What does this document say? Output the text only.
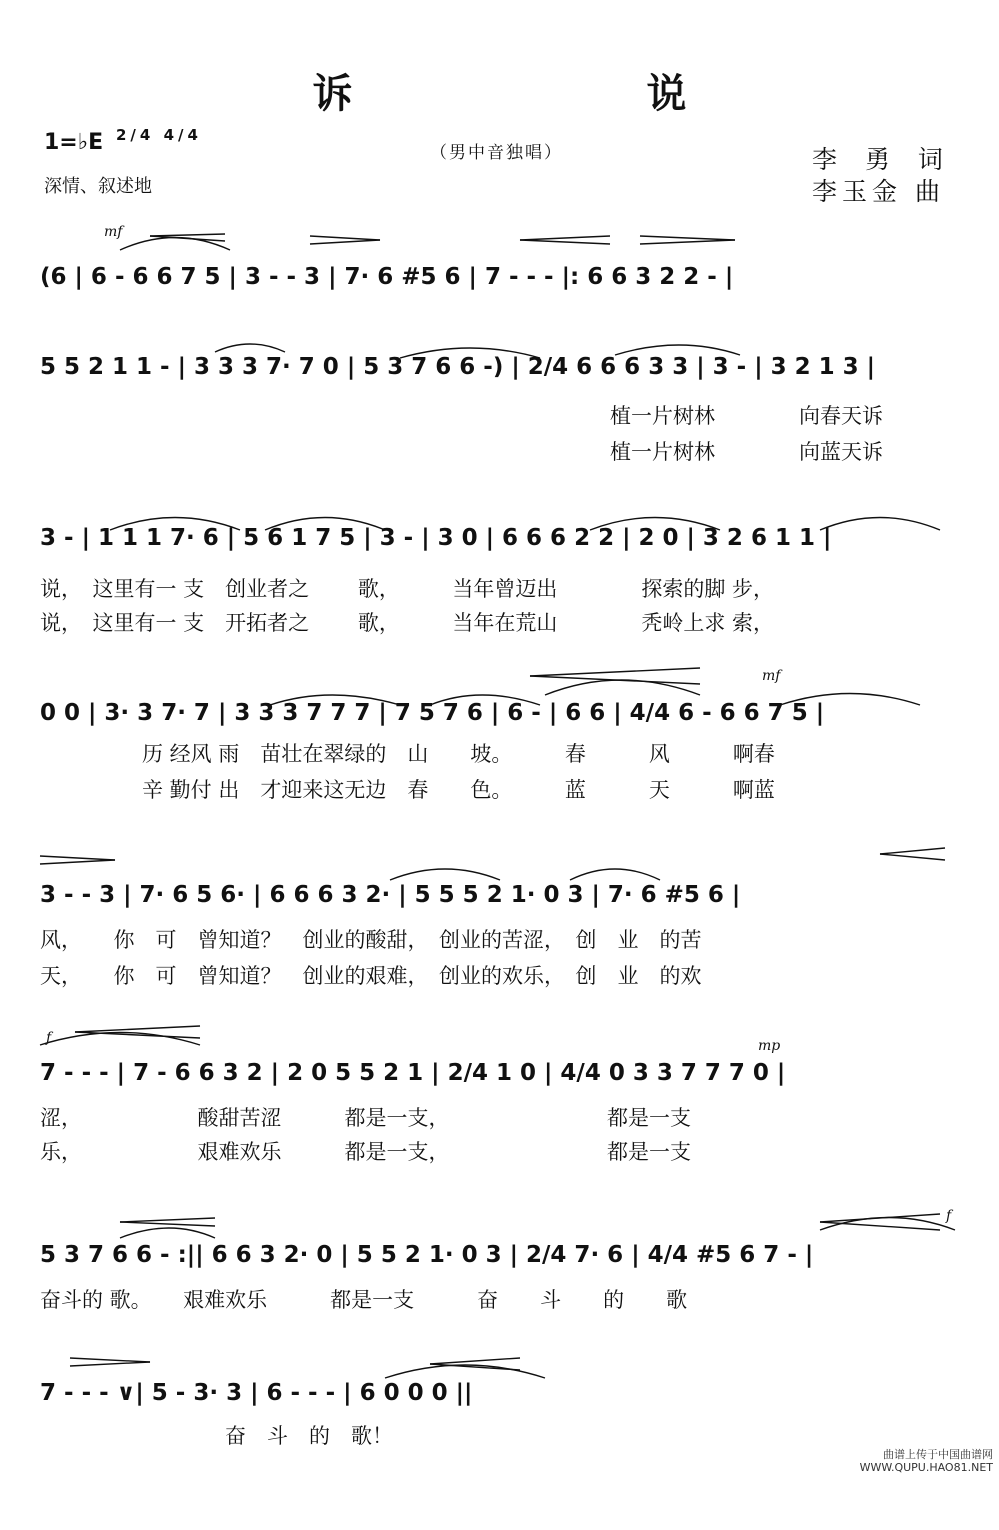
诉 说
1=♭E 2/4 4/4
深情、叙述地
（男中音独唱）	李 勇 词
李玉金 曲
mf
(6 | 6 - 6 6 7 5 | 3 - - 3 | 7· 6 #5 6 | 7 - - - |: 6 6 3 2 2 - |
5 5 2 1 1 - | 3 3 3 7· 7 0 | 5 3 7 6 6 -) | 2/4 6 6 6 3 3 | 3 - | 3 2 1 3 |
植一片树林　　　　向春天诉
植一片树林　　　　向蓝天诉
3 - | 1 1 1 7· 6 | 5 6 1 7 5 | 3 - | 3 0 | 6 6 6 2 2 | 2 0 | 3 2 6 1 1 |
说，　这里有一 支　创业者之　　 歌，　　　当年曾迈出　　　　探索的脚 步，
说，　这里有一 支　开拓者之　　 歌，　　　当年在荒山　　　　秃岭上求 索，
mf
0 0 | 3· 3 7· 7 | 3 3 3 7 7 7 | 7 5 7 6 | 6 - | 6 6 | 4/4 6 - 6 6 7 5 |
　　历 经风 雨　苗壮在翠绿的　山　　坡。　　　春　　　风　　　啊春
　　辛 勤付 出　才迎来这无边　春　　色。　　　蓝　　　天　　　啊蓝
3 - - 3 | 7· 6 5 6· | 6 6 6 3 2· | 5 5 5 2 1· 0 3 | 7· 6 #5 6 |
风，　　你　可　曾知道？　创业的酸甜，　创业的苦涩，　创　业　的苦
天，　　你　可　曾知道？　创业的艰难，　创业的欢乐，　创　业　的欢
f	mp
7 - - - | 7 - 6 6 3 2 | 2 0 5 5 2 1 | 2/4 1 0 | 4/4 0 3 3 7 7 7 0 |
涩，　　　　　　酸甜苦涩　　　都是一支，　　　　　　　　都是一支
乐，　　　　　　艰难欢乐　　　都是一支，　　　　　　　　都是一支
f
5 3 7 6 6 - :|| 6 6 3 2· 0 | 5 5 2 1· 0 3 | 2/4 7· 6 | 4/4 #5 6 7 - |
奋斗的 歌。　　艰难欢乐　　　都是一支　　　奋　　斗　　的　　歌
7 - - - ∨| 5 - 3· 3 | 6 - - - | 6 0 0 0 ||
　　　　　奋　斗　的　歌！
曲谱上传于中国曲谱网
WWW.QUPU.HAO81.NET
